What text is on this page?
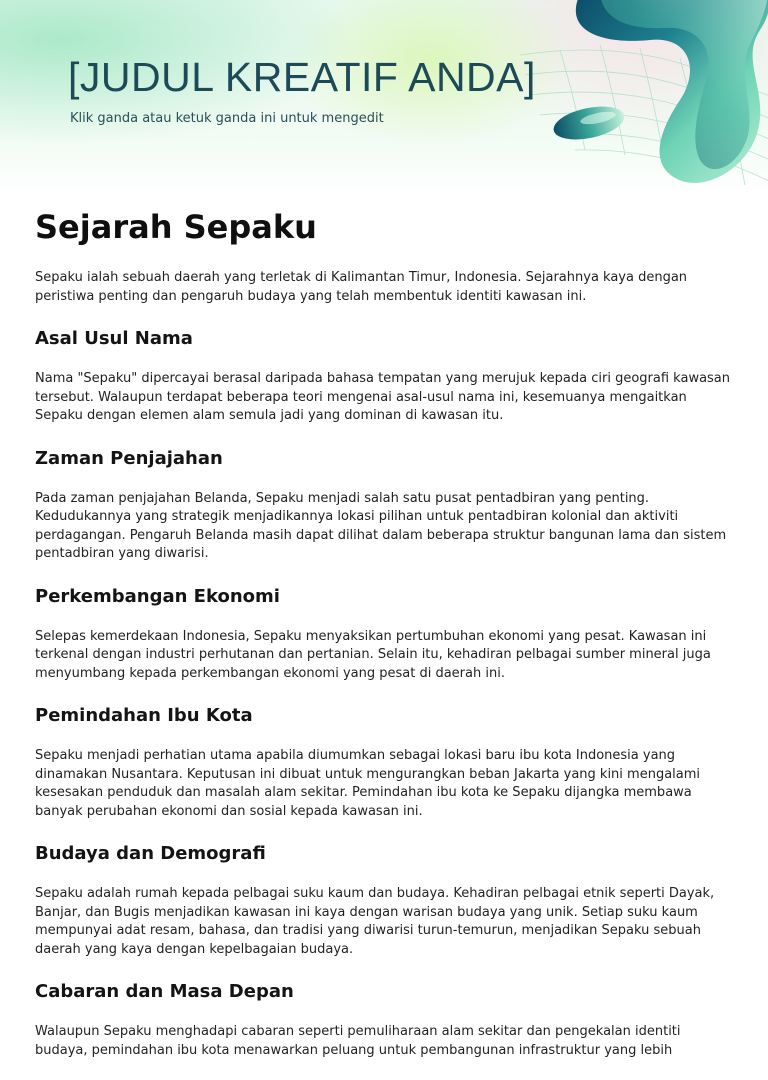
[JUDUL KREATIF ANDA]

Klik ganda atau ketuk ganda ini untuk mengedit

Sejarah Sepaku

Sepaku ialah sebuah daerah yang terletak di Kalimantan Timur, Indonesia. Sejarahnya kaya dengan peristiwa penting dan pengaruh budaya yang telah membentuk identiti kawasan ini.

Asal Usul Nama

Nama "Sepaku" dipercayai berasal daripada bahasa tempatan yang merujuk kepada ciri geografi kawasan tersebut. Walaupun terdapat beberapa teori mengenai asal-usul nama ini, kesemuanya mengaitkan Sepaku dengan elemen alam semula jadi yang dominan di kawasan itu.

Zaman Penjajahan

Pada zaman penjajahan Belanda, Sepaku menjadi salah satu pusat pentadbiran yang penting. Kedudukannya yang strategik menjadikannya lokasi pilihan untuk pentadbiran kolonial dan aktiviti perdagangan. Pengaruh Belanda masih dapat dilihat dalam beberapa struktur bangunan lama dan sistem pentadbiran yang diwarisi.

Perkembangan Ekonomi

Selepas kemerdekaan Indonesia, Sepaku menyaksikan pertumbuhan ekonomi yang pesat. Kawasan ini terkenal dengan industri perhutanan dan pertanian. Selain itu, kehadiran pelbagai sumber mineral juga menyumbang kepada perkembangan ekonomi yang pesat di daerah ini.

Pemindahan Ibu Kota

Sepaku menjadi perhatian utama apabila diumumkan sebagai lokasi baru ibu kota Indonesia yang dinamakan Nusantara. Keputusan ini dibuat untuk mengurangkan beban Jakarta yang kini mengalami kesesakan penduduk dan masalah alam sekitar. Pemindahan ibu kota ke Sepaku dijangka membawa banyak perubahan ekonomi dan sosial kepada kawasan ini.

Budaya dan Demografi

Sepaku adalah rumah kepada pelbagai suku kaum dan budaya. Kehadiran pelbagai etnik seperti Dayak, Banjar, dan Bugis menjadikan kawasan ini kaya dengan warisan budaya yang unik. Setiap suku kaum mempunyai adat resam, bahasa, dan tradisi yang diwarisi turun-temurun, menjadikan Sepaku sebuah daerah yang kaya dengan kepelbagaian budaya.

Cabaran dan Masa Depan

Walaupun Sepaku menghadapi cabaran seperti pemuliharaan alam sekitar dan pengekalan identiti budaya, pemindahan ibu kota menawarkan peluang untuk pembangunan infrastruktur yang lebih
